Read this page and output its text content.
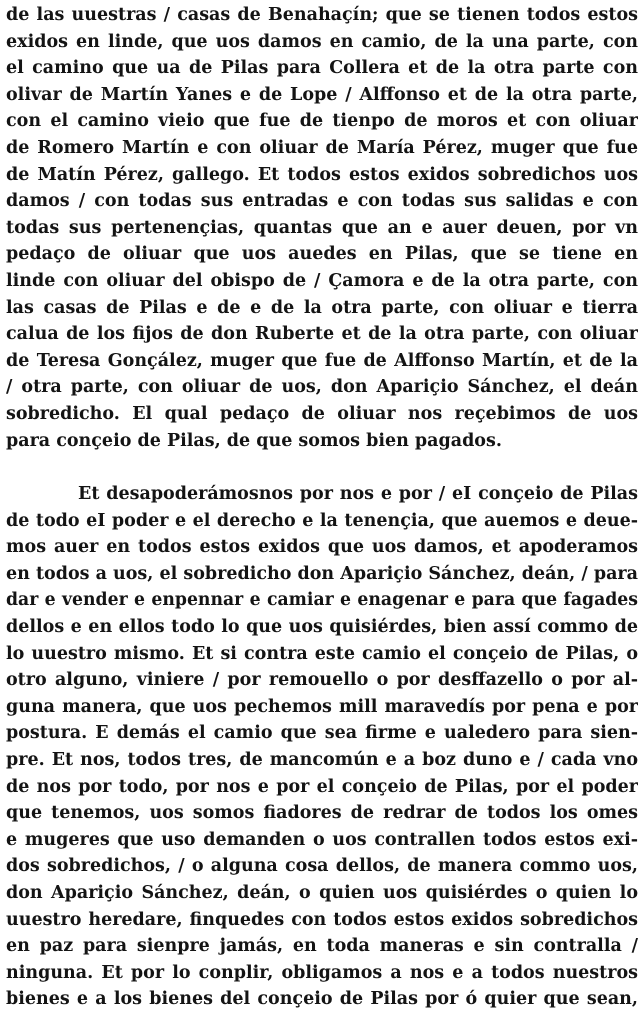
de las uuestras / casas de Benahaçín; que se tienen todos estos
exidos en linde, que uos damos en camio, de la una parte, con
el camino que ua de Pilas para Collera et de la otra parte con
olivar de Martín Yanes e de Lope / Alffonso et de la otra parte,
con el camino vieio que fue de tienpo de moros et con oliuar
de Romero Martín e con oliuar de María Pérez, muger que fue
de Matín Pérez, gallego. Et todos estos exidos sobredichos uos
damos / con todas sus entradas e con todas sus salidas e con
todas sus pertenençias, quantas que an e auer deuen, por vn
pedaço de oliuar que uos auedes en Pilas, que se tiene en
linde con oliuar del obispo de / Çamora e de la otra parte, con
las casas de Pilas e de e de la otra parte, con oliuar e tierra
calua de los fijos de don Ruberte et de la otra parte, con oliuar
de Teresa Gonçález, muger que fue de Alffonso Martín, et de la
/ otra parte, con oliuar de uos, don Apariçio Sánchez, el deán
sobredicho. El qual pedaço de oliuar nos reçebimos de uos
para conçeio de Pilas, de que somos bien pagados.
Et desapoderámosnos por nos e por / eI conçeio de Pilas
de todo eI poder e el derecho e la tenençia, que auemos e deue-
mos auer en todos estos exidos que uos damos, et apoderamos
en todos a uos, el sobredicho don Apariçio Sánchez, deán, / para
dar e vender e enpennar e camiar e enagenar e para que fagades
dellos e en ellos todo lo que uos quisiérdes, bien assí commo de
lo uuestro mismo. Et si contra este camio el conçeio de Pilas, o
otro alguno, viniere / por remouello o por desffazello o por al-
guna manera, que uos pechemos mill maravedís por pena e por
postura. E demás el camio que sea firme e ualedero para sien-
pre. Et nos, todos tres, de mancomún e a boz duno e / cada vno
de nos por todo, por nos e por el conçeio de Pilas, por el poder
que tenemos, uos somos fiadores de redrar de todos los omes
e mugeres que uso demanden o uos contrallen todos estos exi-
dos sobredichos, / o alguna cosa dellos, de manera commo uos,
don Apariçio Sánchez, deán, o quien uos quisiérdes o quien lo
uuestro heredare, finquedes con todos estos exidos sobredichos
en paz para sienpre jamás, en toda maneras e sin contralla /
ninguna. Et por lo conplir, obligamos a nos e a todos nuestros
bienes e a los bienes del conçeio de Pilas por ó quier que sean,
